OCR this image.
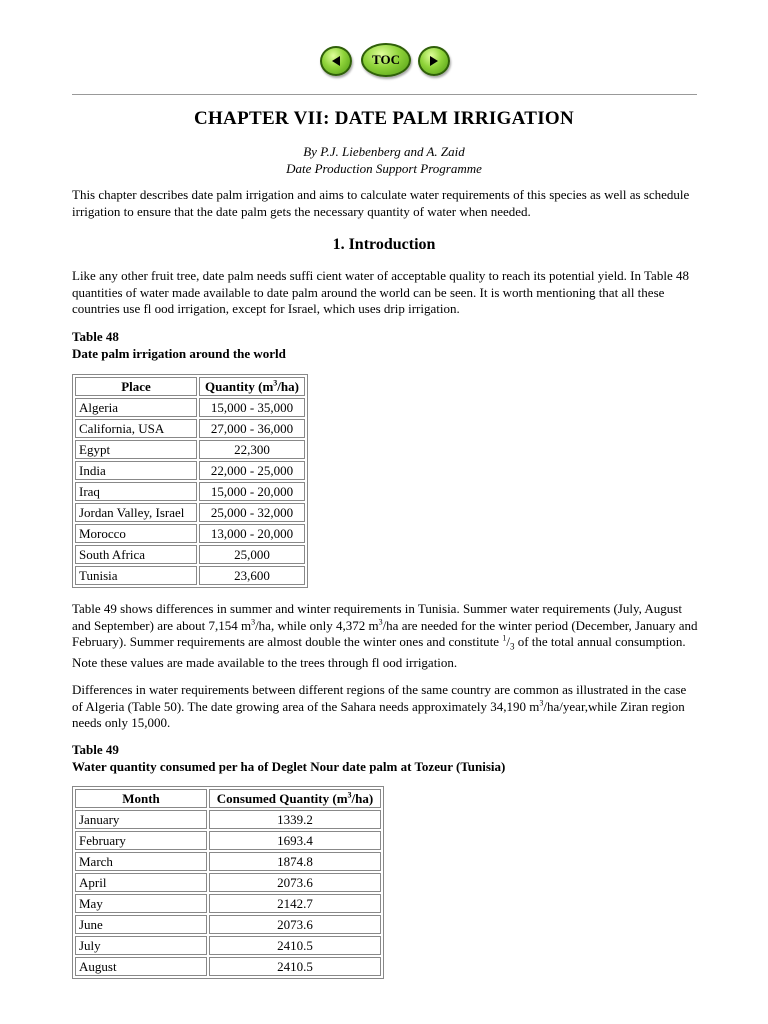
TOC
CHAPTER VII: DATE PALM IRRIGATION
By P.J. Liebenberg and A. Zaid
Date Production Support Programme

This chapter describes date palm irrigation and aims to calculate water requirements of this species as well as schedule irrigation to ensure that the date palm gets the necessary quantity of water when needed.

1. Introduction

Like any other fruit tree, date palm needs suffi cient water of acceptable quality to reach its potential yield. In Table 48 quantities of water made available to date palm around the world can be seen. It is worth mentioning that all these countries use fl ood irrigation, except for Israel, which uses drip irrigation.

Table 48
Date palm irrigation around the world
Place	Quantity $(m^3/ha)$
Algeria	15,000 - 35,000
California, USA	27,000 - 36,000
Egypt	22,300
India	22,000 - 25,000
Iraq	15,000 - 20,000
Jordan Valley, Israel	25,000 - 32,000
Morocco	13,000 - 20,000
South Africa	25,000
Tunisia	23,600

Table 49 shows differences in summer and winter requirements in Tunisia. Summer water requirements (July, August and September) are about 7,154 $m^3/ha$, while only 4,372 $m^3/ha$ are needed for the winter period (December, January and February). Summer requirements are almost double the winter ones and constitute $^1/_3$ of the total annual consumption. Note these values are made available to the trees through fl ood irrigation.

Differences in water requirements between different regions of the same country are common as illustrated in the case of Algeria (Table 50). The date growing area of the Sahara needs approximately 34,190 $m^3/ha/year,while$ Ziran region needs only 15,000.

Table 49
Water quantity consumed per ha of Deglet Nour date palm at Tozeur (Tunisia)
Month	Consumed Quantity $(m^3/ha)$
January	1339.2
February	1693.4
March	1874.8
April	2073.6
May	2142.7
June	2073.6
July	2410.5
August	2410.5
